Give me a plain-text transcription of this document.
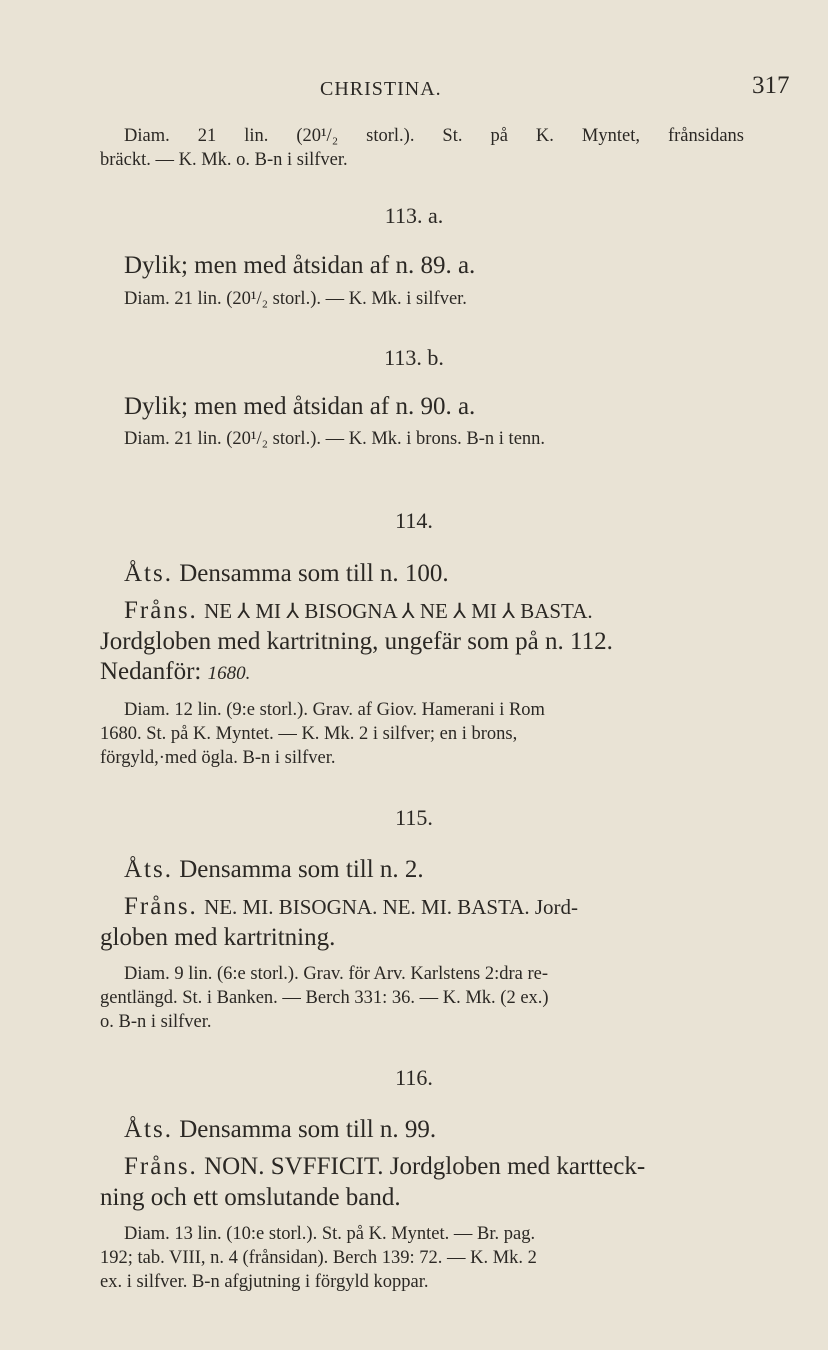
CHRISTINA.	317

Diam. 21 lin. (20¹/₂ storl.). St. på K. Myntet, frånsidans

bräckt. — K. Mk. o. B-n i silfver.

113. a.

Dylik; men med åtsidan af n. 89. a.

Diam. 21 lin. (20¹/₂ storl.). — K. Mk. i silfver.

113. b.

Dylik; men med åtsidan af n. 90. a.

Diam. 21 lin. (20¹/₂ storl.). — K. Mk. i brons. B-n i tenn.

114.

Åts. Densamma som till n. 100.

Fråns. NE ⅄ MI ⅄ BISOGNA ⅄ NE ⅄ MI ⅄ BASTA.

Jordgloben med kartritning, ungefär som på n. 112.

Nedanför: 1680.

Diam. 12 lin. (9:e storl.). Grav. af Giov. Hamerani i Rom

1680. St. på K. Myntet. — K. Mk. 2 i silfver; en i brons,

förgyld,·med ögla. B-n i silfver.

115.

Åts. Densamma som till n. 2.

Fråns. NE. MI. BISOGNA. NE. MI. BASTA. Jord-

globen med kartritning.

Diam. 9 lin. (6:e storl.). Grav. för Arv. Karlstens 2:dra re-

gentlängd. St. i Banken. — Berch 331: 36. — K. Mk. (2 ex.)

o. B-n i silfver.

116.

Åts. Densamma som till n. 99.

Fråns. NON. SVFFICIT. Jordgloben med kartteck-

ning och ett omslutande band.

Diam. 13 lin. (10:e storl.). St. på K. Myntet. — Br. pag.

192; tab. VIII, n. 4 (frånsidan). Berch 139: 72. — K. Mk. 2

ex. i silfver. B-n afgjutning i förgyld koppar.
